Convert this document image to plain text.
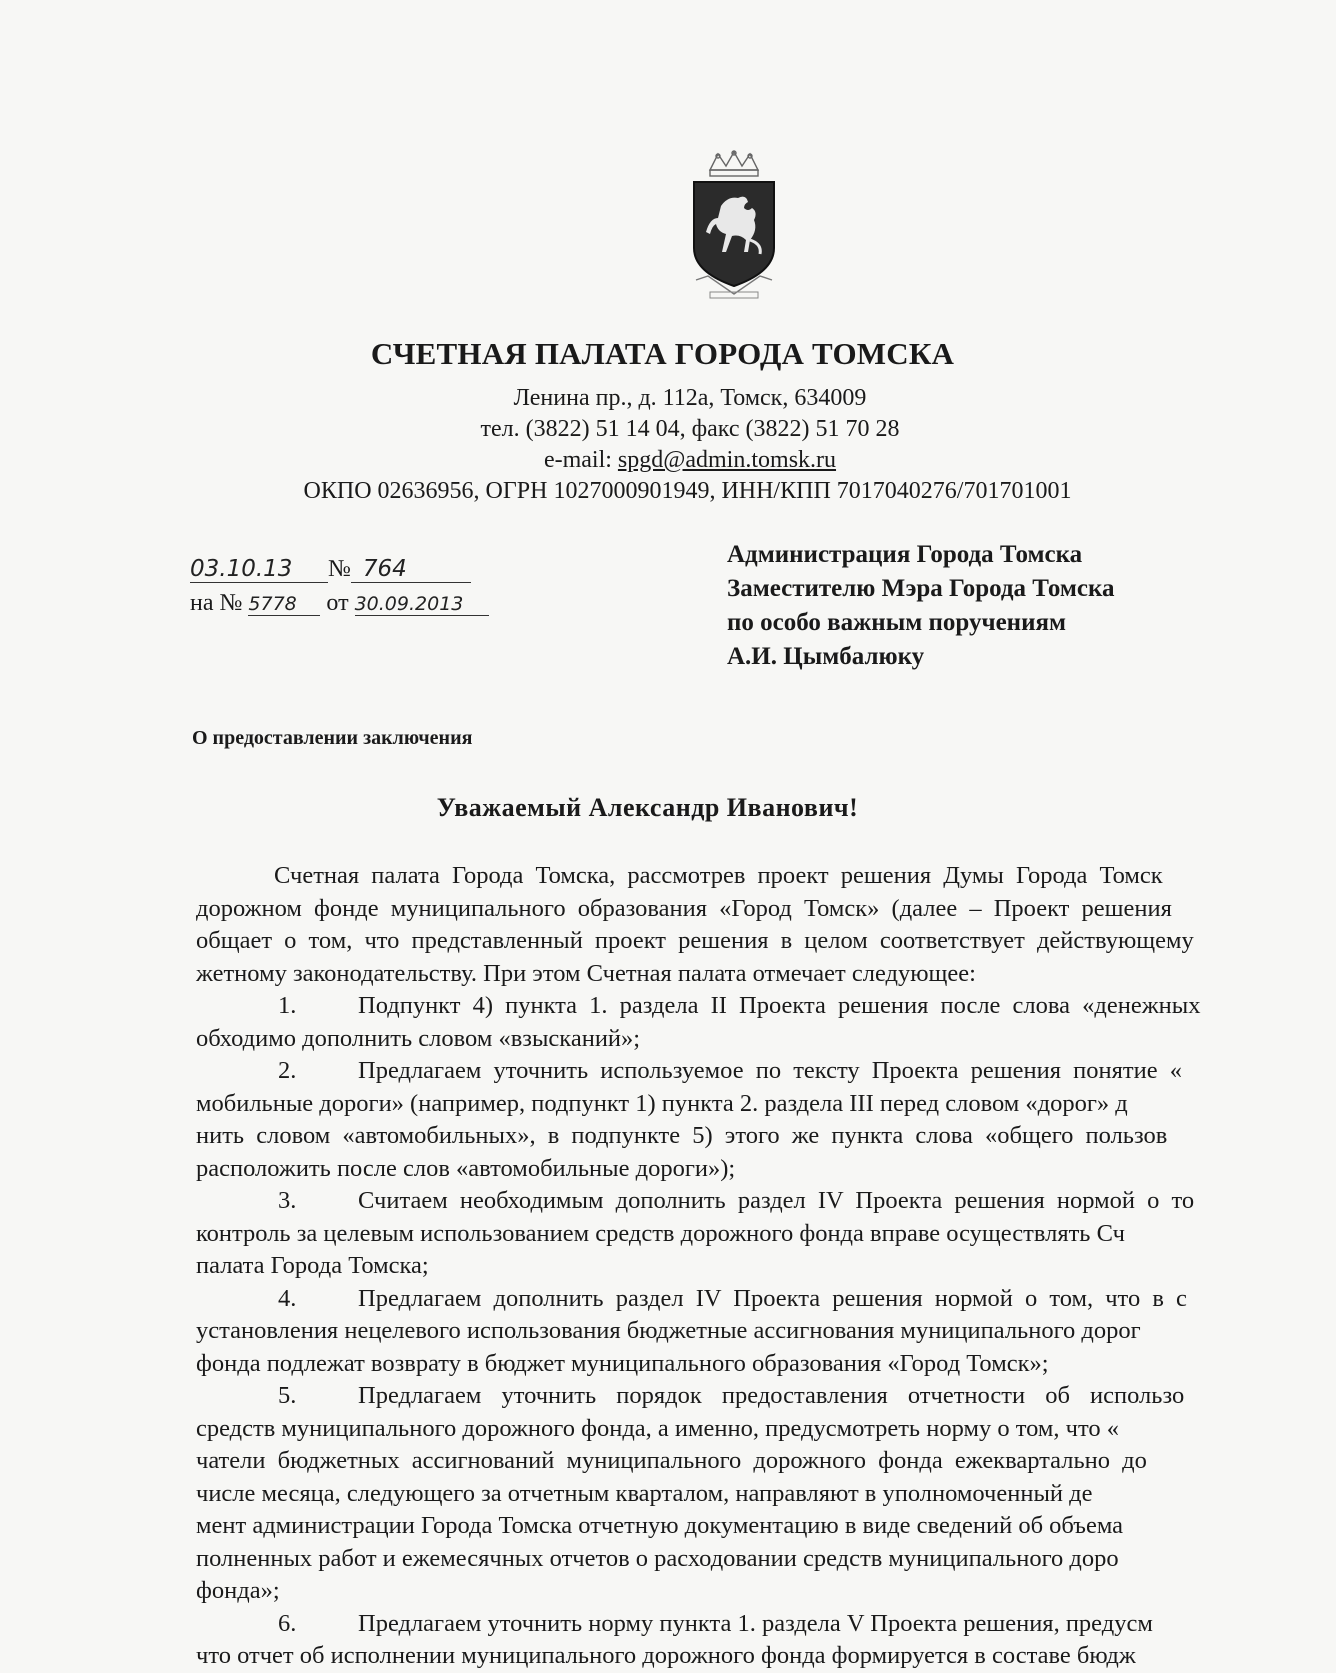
СЧЕТНАЯ ПАЛАТА ГОРОДА ТОМСКА
Ленина пр., д. 112а, Томск, 634009
тел. (3822) 51 14 04, факс (3822) 51 70 28
e-mail: spgd@admin.tomsk.ru
ОКПО 02636956, ОГРН 1027000901949, ИНН/КПП 7017040276/701701001
03.10.13 № 764
на № 5778 от 30.09.2013
Администрация Города Томска
Заместителю Мэра Города Томска
по особо важным поручениям
А.И. Цымбалюку
О предоставлении заключения
Уважаемый Александр Иванович!
Счетная палата Города Томска, рассмотрев проект решения Думы Города Томск
дорожном фонде муниципального образования «Город Томск» (далее – Проект решения
общает о том, что представленный проект решения в целом соответствует действующему
жетному законодательству. При этом Счетная палата отмечает следующее:
1.	Подпункт 4) пункта 1. раздела II Проекта решения после слова «денежных
обходимо дополнить словом «взысканий»;
2.	Предлагаем уточнить используемое по тексту Проекта решения понятие «
мобильные дороги» (например, подпункт 1) пункта 2. раздела III перед словом «дорог» д
нить словом «автомобильных», в подпункте 5) этого же пункта слова «общего пользов
расположить после слов «автомобильные дороги»);
3.	Считаем необходимым дополнить раздел IV Проекта решения нормой о то
контроль за целевым использованием средств дорожного фонда вправе осуществлять Сч
палата Города Томска;
4.	Предлагаем дополнить раздел IV Проекта решения нормой о том, что в с
установления нецелевого использования бюджетные ассигнования муниципального дорог
фонда подлежат возврату в бюджет муниципального образования «Город Томск»;
5.	Предлагаем уточнить порядок предоставления отчетности об использо
средств муниципального дорожного фонда, а именно, предусмотреть норму о том, что «
чатели бюджетных ассигнований муниципального дорожного фонда ежеквартально до
числе месяца, следующего за отчетным кварталом, направляют в уполномоченный де
мент администрации Города Томска отчетную документацию в виде сведений об объема
полненных работ и ежемесячных отчетов о расходовании средств муниципального доро
фонда»;
6.	Предлагаем уточнить норму пункта 1. раздела V Проекта решения, предусм
что отчет об исполнении муниципального дорожного фонда формируется в составе бюдж
